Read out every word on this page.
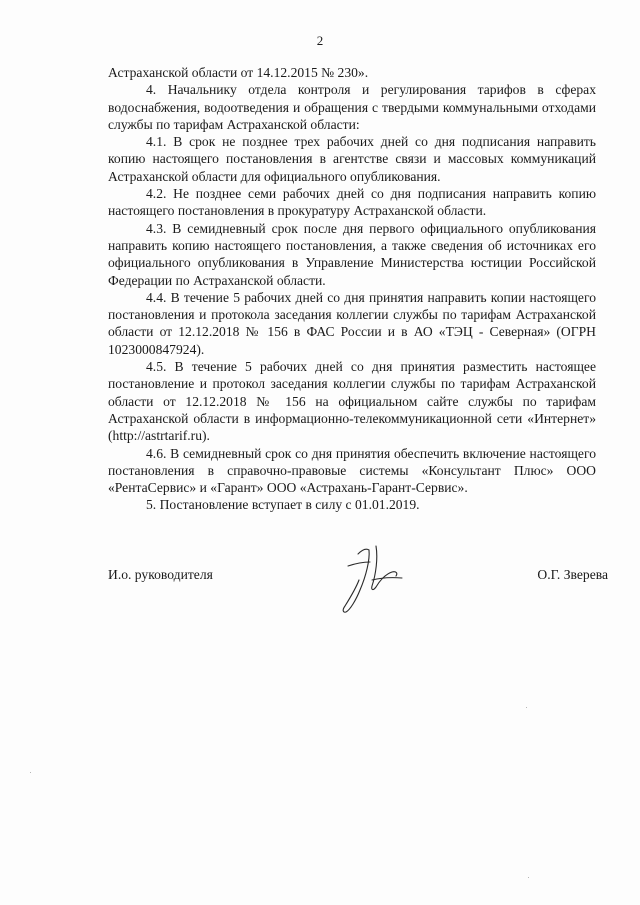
2

Астраханской области от 14.12.2015 № 230».

4. Начальнику отдела контроля и регулирования тарифов в сферах водоснабжения, водоотведения и обращения с твердыми коммунальными отходами службы по тарифам Астраханской области:

4.1. В срок не позднее трех рабочих дней со дня подписания направить копию настоящего постановления в агентстве связи и массовых коммуникаций Астраханской области для официального опубликования.

4.2. Не позднее семи рабочих дней со дня подписания направить копию настоящего постановления в прокуратуру Астраханской области.

4.3. В семидневный срок после дня первого официального опубликования направить копию настоящего постановления, а также сведения об источниках его официального опубликования в Управление Министерства юстиции Российской Федерации по Астраханской области.

4.4. В течение 5 рабочих дней со дня принятия направить копии настоящего постановления и протокола заседания коллегии службы по тарифам Астраханской области от 12.12.2018 № 156 в ФАС России и в АО «ТЭЦ - Северная» (ОГРН 1023000847924).

4.5. В течение 5 рабочих дней со дня принятия разместить настоящее постановление и протокол заседания коллегии службы по тарифам Астраханской области от 12.12.2018 № 156 на официальном сайте службы по тарифам Астраханской области в информационно-телекоммуникационной сети «Интернет» (http://astrtarif.ru).

4.6. В семидневный срок со дня принятия обеспечить включение настоящего постановления в справочно-правовые системы «Консультант Плюс» ООО «РентаСервис» и «Гарант» ООО «Астрахань-Гарант-Сервис».

5. Постановление вступает в силу с 01.01.2019.

И.о. руководителя	О.Г. Зверева
